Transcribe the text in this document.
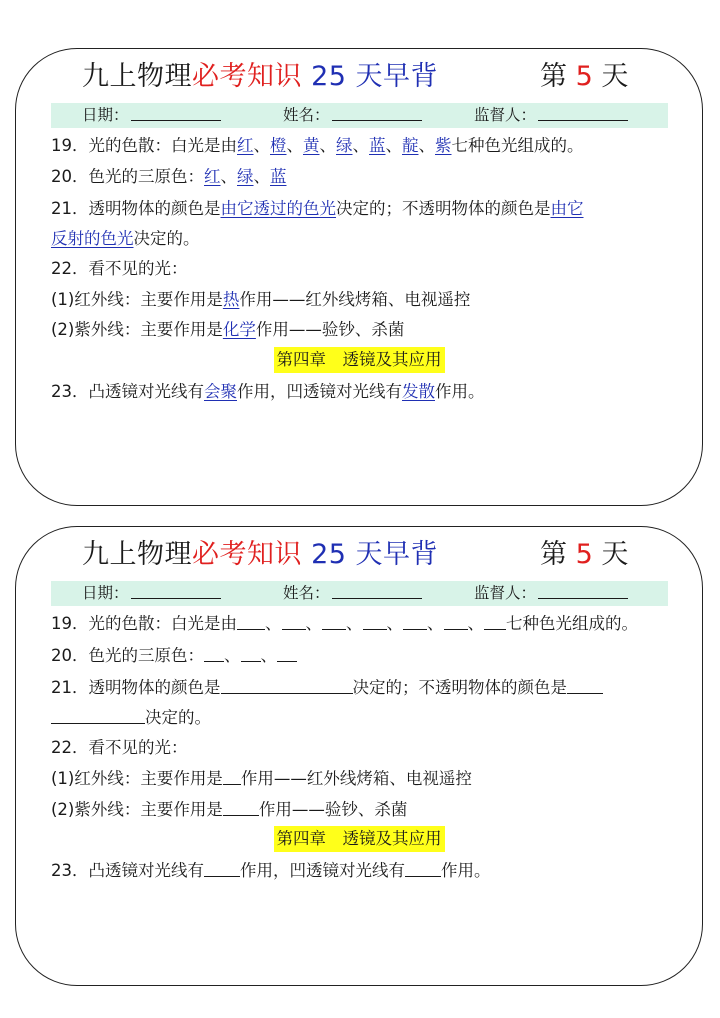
九上物理必考知识 25 天早背	第 5 天
日期：	姓名：	监督人：
19．光的色散：白光是由红、橙、黄、绿、蓝、靛、紫七种色光组成的。
20．色光的三原色：红、绿、蓝
21．透明物体的颜色是由它透过的色光决定的；不透明物体的颜色是由它
反射的色光决定的。
22．看不见的光：
(1)红外线：主要作用是热作用——红外线烤箱、电视遥控
(2)紫外线：主要作用是化学作用——验钞、杀菌
第四章　透镜及其应用
23．凸透镜对光线有会聚作用，凹透镜对光线有发散作用。
九上物理必考知识 25 天早背	第 5 天
日期：	姓名：	监督人：
19．光的色散：白光是由 、 、 、 、 、 、 七种色光组成的。
20．色光的三原色： 、 、
21．透明物体的颜色是	决定的；不透明物体的颜色是
决定的。
22．看不见的光：
(1)红外线：主要作用是 作用——红外线烤箱、电视遥控
(2)紫外线：主要作用是 作用——验钞、杀菌
第四章　透镜及其应用
23．凸透镜对光线有 作用，凹透镜对光线有 作用。
